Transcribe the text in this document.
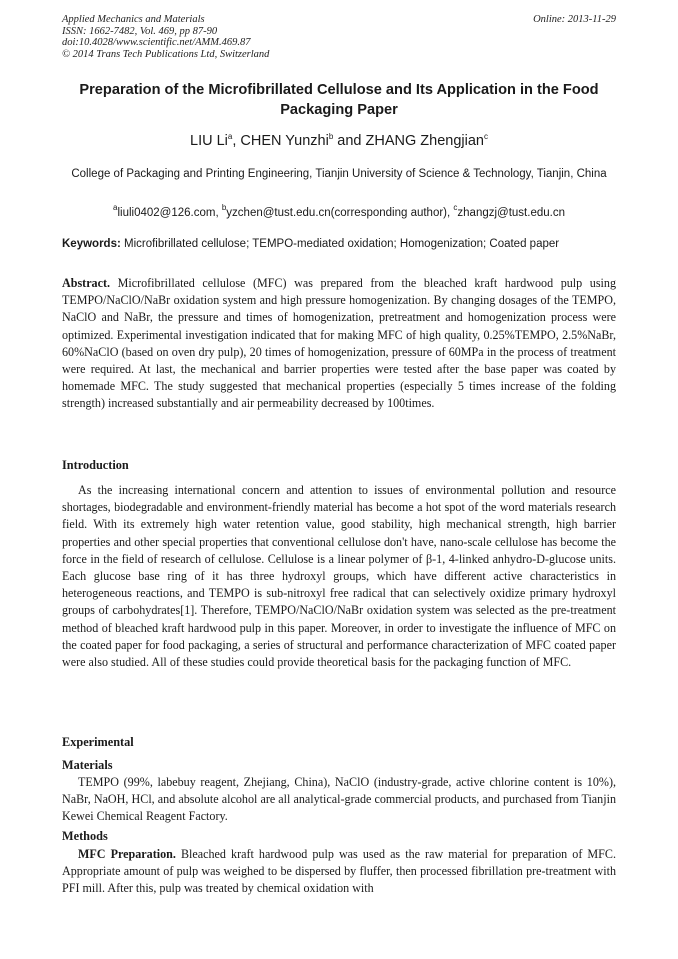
Applied Mechanics and Materials
ISSN: 1662-7482, Vol. 469, pp 87-90
doi:10.4028/www.scientific.net/AMM.469.87
© 2014 Trans Tech Publications Ltd, Switzerland
Online: 2013-11-29
Preparation of the Microfibrillated Cellulose and Its Application in the Food Packaging Paper
LIU Li$^a$, CHEN Yunzhi$^b$ and ZHANG Zhengjian$^c$
College of Packaging and Printing Engineering, Tianjin University of Science & Technology, Tianjin, China
$^a$liuli0402@126.com, $^b$yzchen@tust.edu.cn(corresponding author), $^c$zhangzj@tust.edu.cn
Keywords: Microfibrillated cellulose; TEMPO-mediated oxidation; Homogenization; Coated paper
Abstract. Microfibrillated cellulose (MFC) was prepared from the bleached kraft hardwood pulp using TEMPO/NaClO/NaBr oxidation system and high pressure homogenization. By changing dosages of the TEMPO, NaClO and NaBr, the pressure and times of homogenization, pretreatment and homogenization process were optimized. Experimental investigation indicated that for making MFC of high quality, 0.25%TEMPO, 2.5%NaBr, 60%NaClO (based on oven dry pulp), 20 times of homogenization, pressure of 60MPa in the process of treatment were required. At last, the mechanical and barrier properties were tested after the base paper was coated by homemade MFC. The study suggested that mechanical properties (especially 5 times increase of the folding strength) increased substantially and air permeability decreased by 100times.
Introduction
As the increasing international concern and attention to issues of environmental pollution and resource shortages, biodegradable and environment-friendly material has become a hot spot of the word materials research field. With its extremely high water retention value, good stability, high mechanical strength, high barrier properties and other special properties that conventional cellulose don't have, nano-scale cellulose has become the force in the field of research of cellulose. Cellulose is a linear polymer of β-1, 4-linked anhydro-D-glucose units. Each glucose base ring of it has three hydroxyl groups, which have different active characteristics in heterogeneous reactions, and TEMPO is sub-nitroxyl free radical that can selectively oxidize primary hydroxyl groups of carbohydrates[1]. Therefore, TEMPO/NaClO/NaBr oxidation system was selected as the pre-treatment method of bleached kraft hardwood pulp in this paper. Moreover, in order to investigate the influence of MFC on the coated paper for food packaging, a series of structural and performance characterization of MFC coated paper were also studied. All of these studies could provide theoretical basis for the packaging function of MFC.
Experimental
Materials
TEMPO (99%, labebuy reagent, Zhejiang, China), NaClO (industry-grade, active chlorine content is 10%), NaBr, NaOH, HCl, and absolute alcohol are all analytical-grade commercial products, and purchased from Tianjin Kewei Chemical Reagent Factory.
Methods
MFC Preparation. Bleached kraft hardwood pulp was used as the raw material for preparation of MFC. Appropriate amount of pulp was weighed to be dispersed by fluffer, then processed fibrillation pre-treatment with PFI mill. After this, pulp was treated by chemical oxidation with
